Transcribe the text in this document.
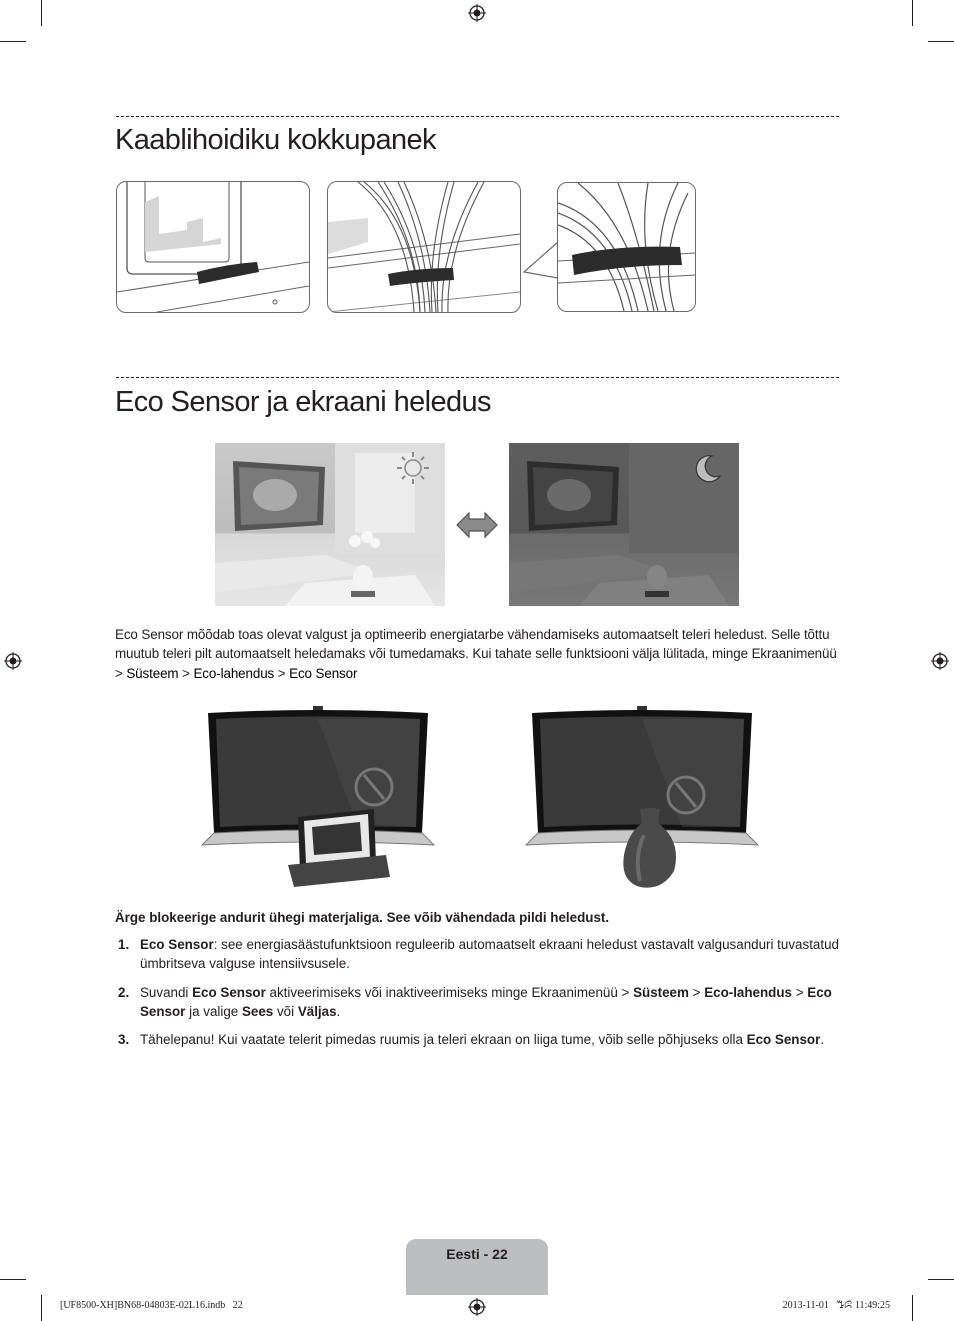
Kaablihoidiku kokkupanek
Eco Sensor ja ekraani heledus
Eco Sensor mõõdab toas olevat valgust ja optimeerib energiatarbe vähendamiseks automaatselt teleri heledust. Selle tõttu muutub teleri pilt automaatselt heledamaks või tumedamaks. Kui tahate selle funktsiooni välja lülitada, minge Ekraanimenüü > Süsteem > Eco-lahendus > Eco Sensor
Ärge blokeerige andurit ühegi materjaliga. See võib vähendada pildi heledust.
1. Eco Sensor: see energiasäästufunktsioon reguleerib automaatselt ekraani heledust vastavalt valgusanduri tuvastatud ümbritseva valguse intensiivsusele.
2. Suvandi Eco Sensor aktiveerimiseks või inaktiveerimiseks minge Ekraanimenüü > Süsteem > Eco-lahendus > Eco Sensor ja valige Sees või Väljas.
3. Tähelepanu! Kui vaatate telerit pimedas ruumis ja teleri ekraan on liiga tume, võib selle põhjuseks olla Eco Sensor.
Eesti - 22
[UF8500-XH]BN68-04803E-02L16.indb   22	2013-11-01   ꔤꕸ 11:49:25
